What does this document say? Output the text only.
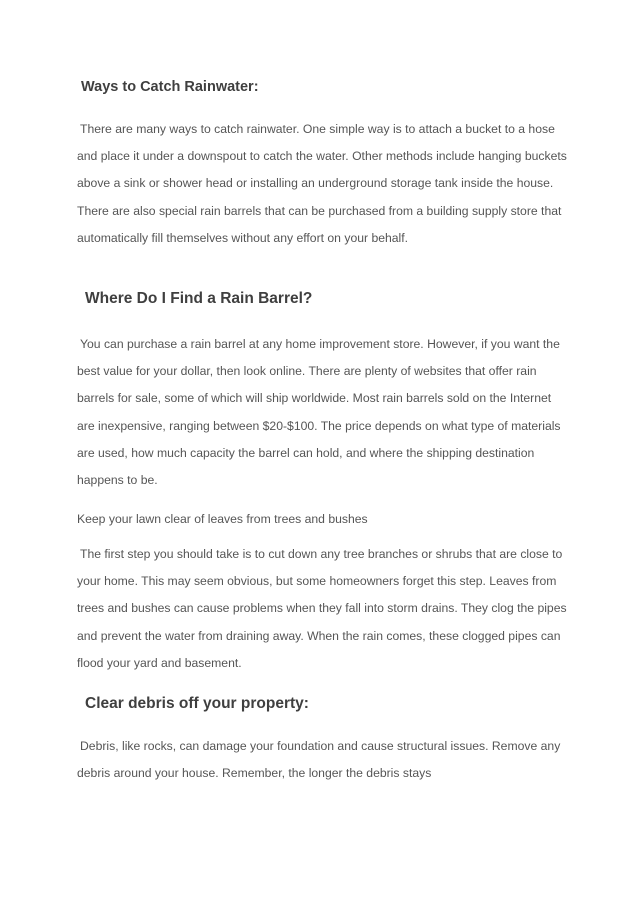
Ways to Catch Rainwater:

There are many ways to catch rainwater. One simple way is to attach a bucket to a hose and place it under a downspout to catch the water. Other methods include hanging buckets above a sink or shower head or installing an underground storage tank inside the house. There are also special rain barrels that can be purchased from a building supply store that automatically fill themselves without any effort on your behalf.

Where Do I Find a Rain Barrel?

You can purchase a rain barrel at any home improvement store. However, if you want the best value for your dollar, then look online. There are plenty of websites that offer rain barrels for sale, some of which will ship worldwide. Most rain barrels sold on the Internet are inexpensive, ranging between $20-$100. The price depends on what type of materials are used, how much capacity the barrel can hold, and where the shipping destination happens to be.

Keep your lawn clear of leaves from trees and bushes

The first step you should take is to cut down any tree branches or shrubs that are close to your home. This may seem obvious, but some homeowners forget this step. Leaves from trees and bushes can cause problems when they fall into storm drains. They clog the pipes and prevent the water from draining away. When the rain comes, these clogged pipes can flood your yard and basement.

Clear debris off your property:

Debris, like rocks, can damage your foundation and cause structural issues. Remove any debris around your house. Remember, the longer the debris stays
